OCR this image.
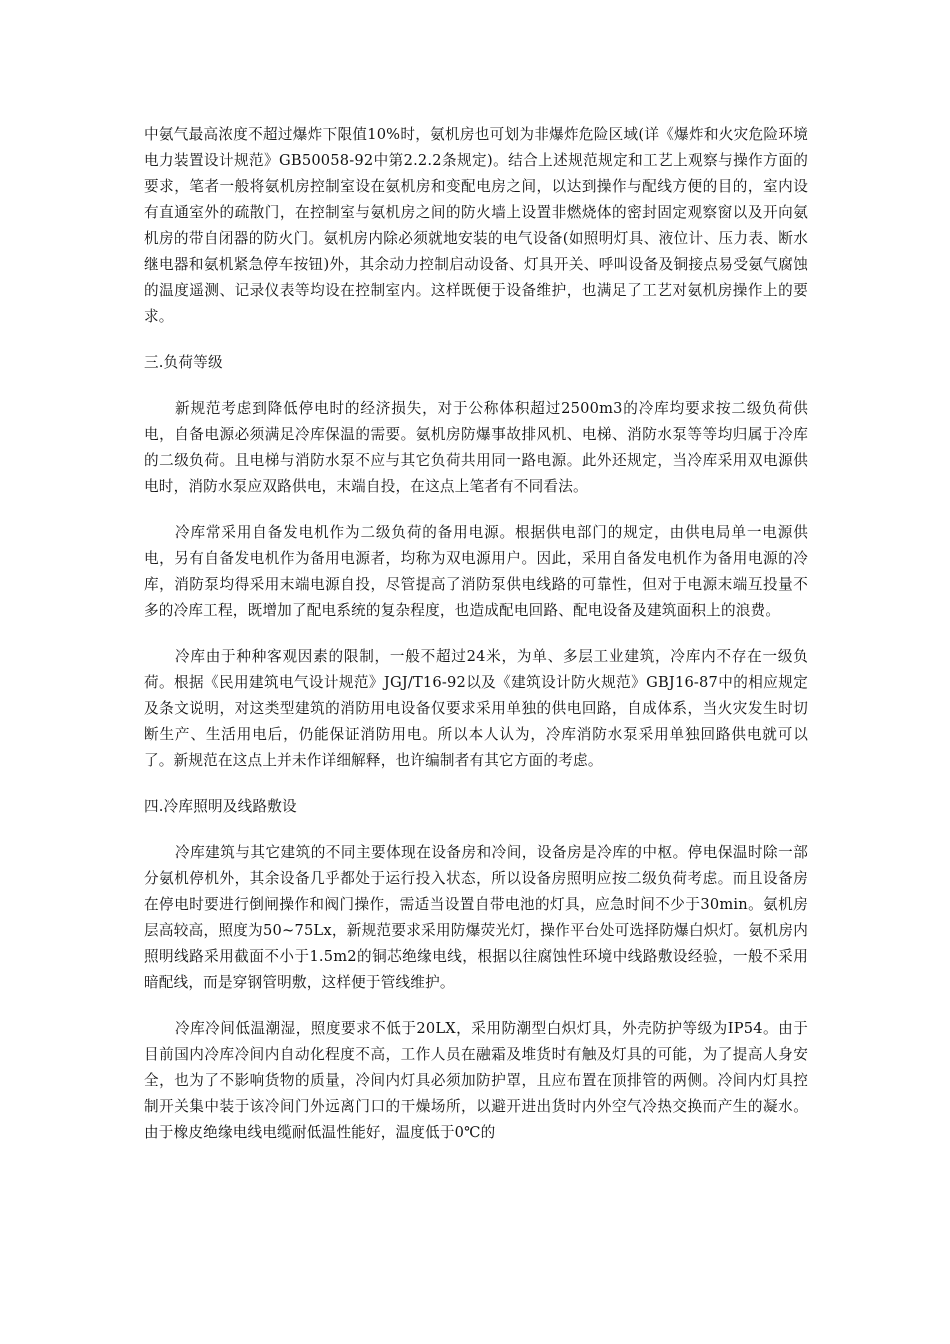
中氨气最高浓度不超过爆炸下限值10%时，氨机房也可划为非爆炸危险区域(详《爆炸和火灾危险环境电力装置设计规范》GB50058-92中第2.2.2条规定)。结合上述规范规定和工艺上观察与操作方面的要求，笔者一般将氨机房控制室设在氨机房和变配电房之间，以达到操作与配线方便的目的，室内设有直通室外的疏散门，在控制室与氨机房之间的防火墙上设置非燃烧体的密封固定观察窗以及开向氨机房的带自闭器的防火门。氨机房内除必须就地安装的电气设备(如照明灯具、液位计、压力表、断水继电器和氨机紧急停车按钮)外，其余动力控制启动设备、灯具开关、呼叫设备及铜接点易受氨气腐蚀的温度遥测、记录仪表等均设在控制室内。这样既便于设备维护，也满足了工艺对氨机房操作上的要求。

三.负荷等级

新规范考虑到降低停电时的经济损失，对于公称体积超过2500m3的冷库均要求按二级负荷供电，自备电源必须满足冷库保温的需要。氨机房防爆事故排风机、电梯、消防水泵等等均归属于冷库的二级负荷。且电梯与消防水泵不应与其它负荷共用同一路电源。此外还规定，当冷库采用双电源供电时，消防水泵应双路供电，末端自投，在这点上笔者有不同看法。

冷库常采用自备发电机作为二级负荷的备用电源。根据供电部门的规定，由供电局单一电源供电，另有自备发电机作为备用电源者，均称为双电源用户。因此，采用自备发电机作为备用电源的冷库，消防泵均得采用末端电源自投，尽管提高了消防泵供电线路的可靠性，但对于电源末端互投量不多的冷库工程，既增加了配电系统的复杂程度，也造成配电回路、配电设备及建筑面积上的浪费。

冷库由于种种客观因素的限制，一般不超过24米，为单、多层工业建筑，冷库内不存在一级负荷。根据《民用建筑电气设计规范》JGJ/T16-92以及《建筑设计防火规范》GBJ16-87中的相应规定及条文说明，对这类型建筑的消防用电设备仅要求采用单独的供电回路，自成体系，当火灾发生时切断生产、生活用电后，仍能保证消防用电。所以本人认为，冷库消防水泵采用单独回路供电就可以了。新规范在这点上并未作详细解释，也许编制者有其它方面的考虑。

四.冷库照明及线路敷设

冷库建筑与其它建筑的不同主要体现在设备房和冷间，设备房是冷库的中枢。停电保温时除一部分氨机停机外，其余设备几乎都处于运行投入状态，所以设备房照明应按二级负荷考虑。而且设备房在停电时要进行倒闸操作和阀门操作，需适当设置自带电池的灯具，应急时间不少于30min。氨机房层高较高，照度为50~75Lx，新规范要求采用防爆荧光灯，操作平台处可选择防爆白炽灯。氨机房内照明线路采用截面不小于1.5m2的铜芯绝缘电线，根据以往腐蚀性环境中线路敷设经验，一般不采用暗配线，而是穿钢管明敷，这样便于管线维护。

冷库冷间低温潮湿，照度要求不低于20LX，采用防潮型白炽灯具，外壳防护等级为IP54。由于目前国内冷库冷间内自动化程度不高，工作人员在融霜及堆货时有触及灯具的可能，为了提高人身安全，也为了不影响货物的质量，冷间内灯具必须加防护罩，且应布置在顶排管的两侧。冷间内灯具控制开关集中装于该冷间门外远离门口的干燥场所，以避开进出货时内外空气冷热交换而产生的凝水。由于橡皮绝缘电线电缆耐低温性能好，温度低于0℃的
